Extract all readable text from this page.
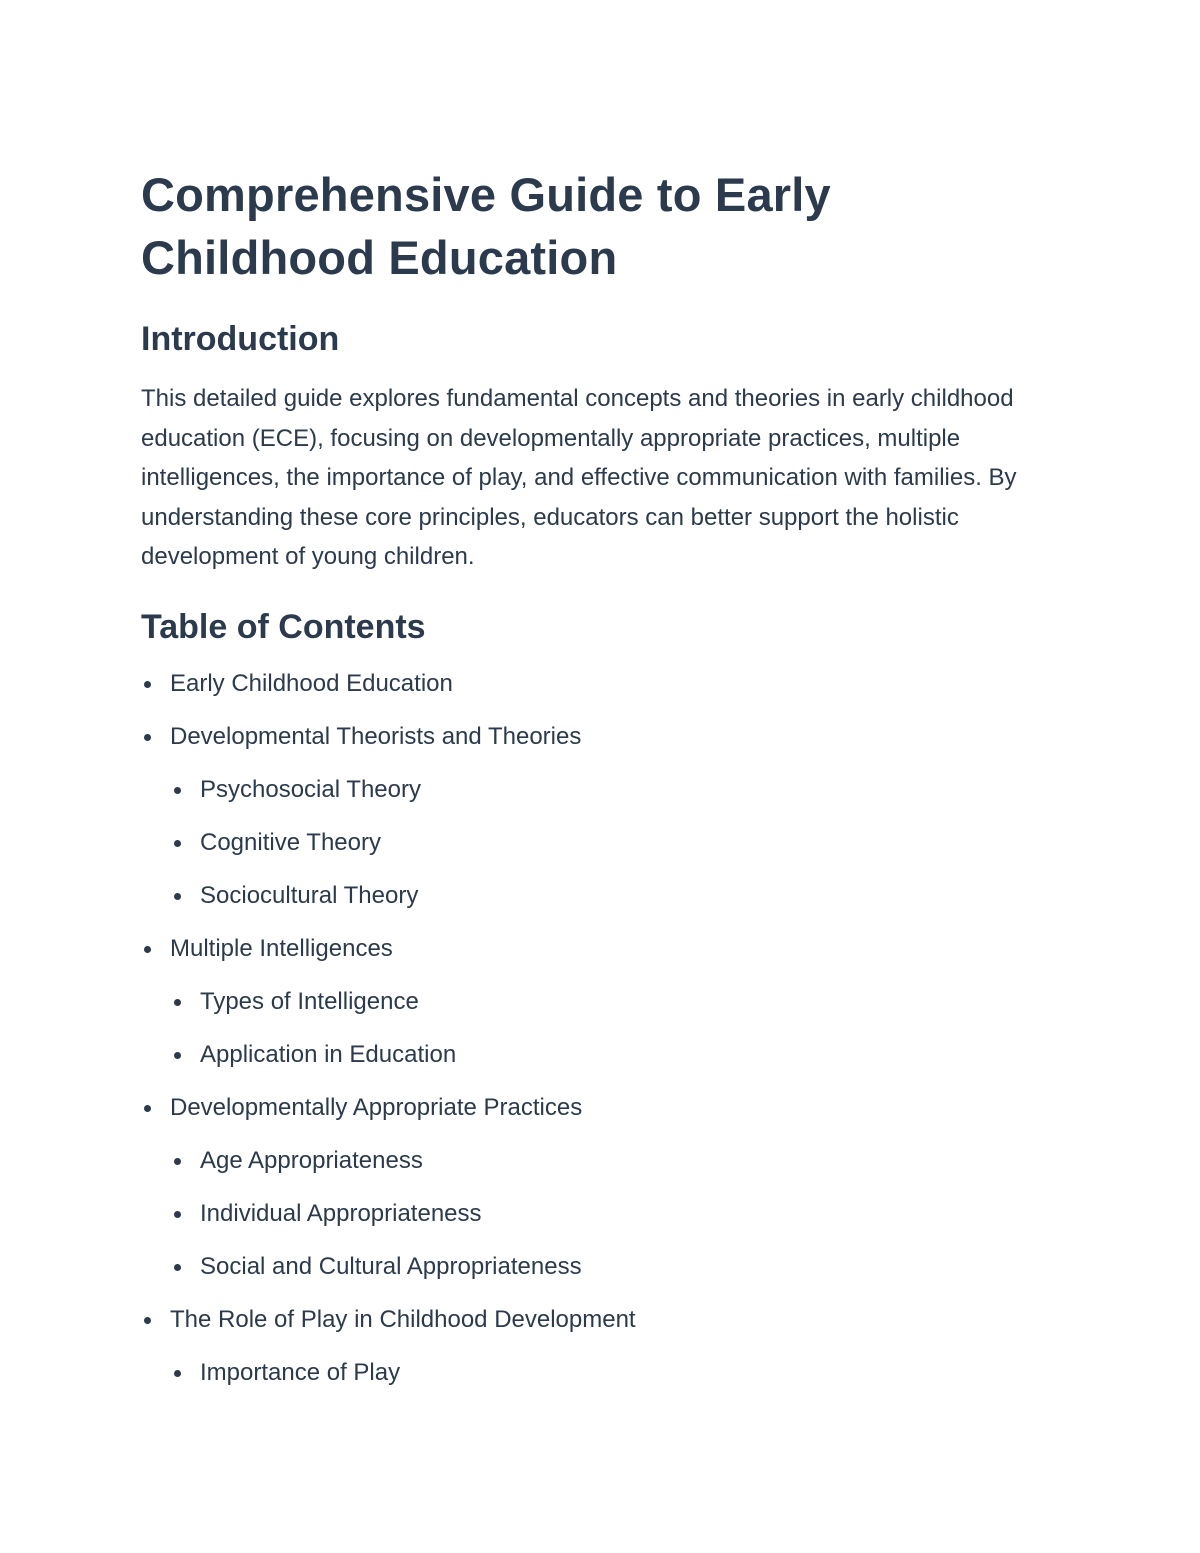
Comprehensive Guide to Early
Childhood Education
Introduction

This detailed guide explores fundamental concepts and theories in early childhood education (ECE), focusing on developmentally appropriate practices, multiple intelligences, the importance of play, and effective communication with families. By understanding these core principles, educators can better support the holistic development of young children.

Table of Contents
Early Childhood Education
Developmental Theorists and Theories
Psychosocial Theory
Cognitive Theory
Sociocultural Theory
Multiple Intelligences
Types of Intelligence
Application in Education
Developmentally Appropriate Practices
Age Appropriateness
Individual Appropriateness
Social and Cultural Appropriateness
The Role of Play in Childhood Development
Importance of Play
